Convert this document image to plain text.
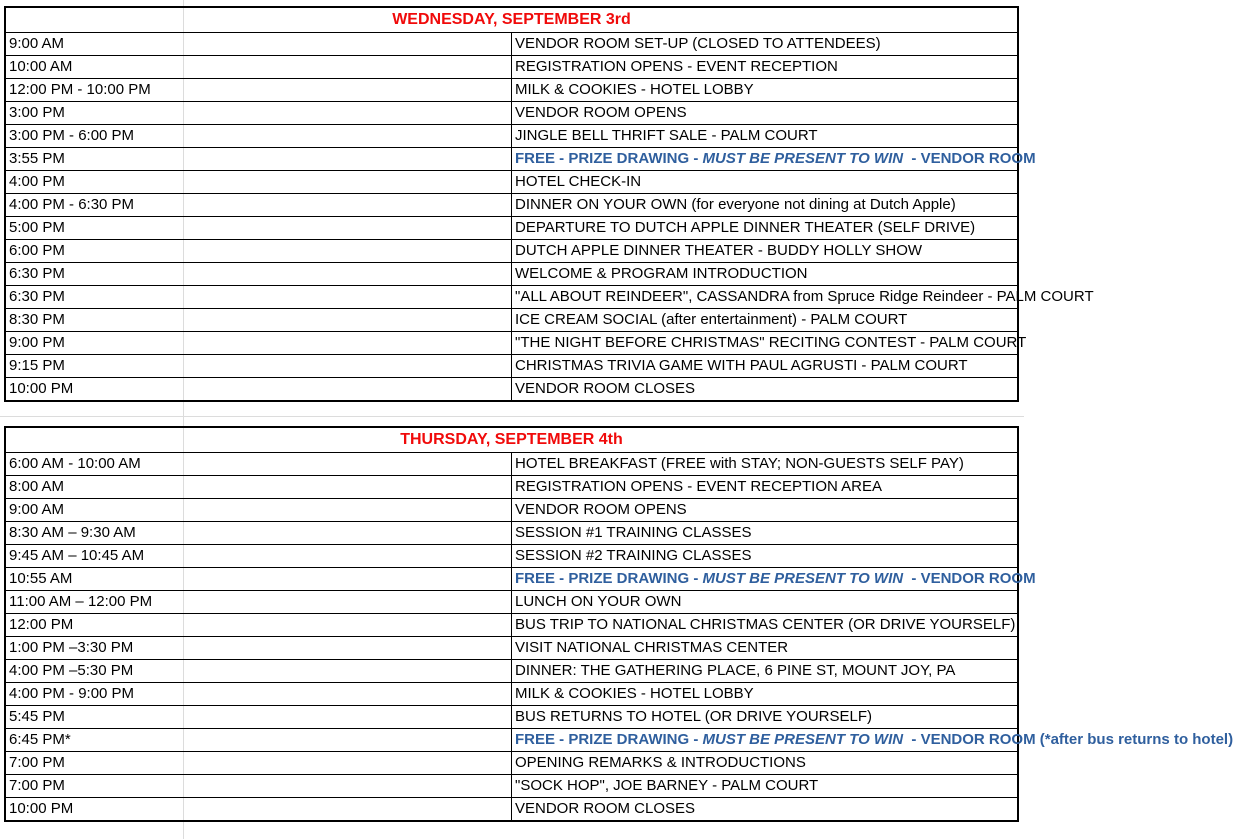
WEDNESDAY, SEPTEMBER 3rd	
9:00 AM	VENDOR ROOM SET-UP (CLOSED TO ATTENDEES)
10:00 AM	REGISTRATION OPENS - EVENT RECEPTION
12:00 PM - 10:00 PM	MILK & COOKIES - HOTEL LOBBY
3:00 PM	VENDOR ROOM OPENS
3:00 PM - 6:00 PM	JINGLE BELL THRIFT SALE - PALM COURT
3:55 PM	FREE - PRIZE DRAWING - MUST BE PRESENT TO WIN  - VENDOR ROOM
4:00 PM	HOTEL CHECK-IN
4:00 PM - 6:30 PM	DINNER ON YOUR OWN (for everyone not dining at Dutch Apple)
5:00 PM	DEPARTURE TO DUTCH APPLE DINNER THEATER (SELF DRIVE)
6:00 PM	DUTCH APPLE DINNER THEATER - BUDDY HOLLY SHOW
6:30 PM	WELCOME & PROGRAM INTRODUCTION
6:30 PM	"ALL ABOUT REINDEER", CASSANDRA from Spruce Ridge Reindeer - PALM COURT
8:30 PM	ICE CREAM SOCIAL (after entertainment) - PALM COURT
9:00 PM	"THE NIGHT BEFORE CHRISTMAS" RECITING CONTEST - PALM COURT
9:15 PM	CHRISTMAS TRIVIA GAME WITH PAUL AGRUSTI - PALM COURT
10:00 PM	VENDOR ROOM CLOSES
THURSDAY, SEPTEMBER 4th	
6:00 AM - 10:00 AM	HOTEL BREAKFAST (FREE with STAY; NON-GUESTS SELF PAY)
8:00 AM	REGISTRATION OPENS - EVENT RECEPTION AREA
9:00 AM	VENDOR ROOM OPENS
8:30 AM – 9:30 AM	SESSION #1 TRAINING CLASSES
9:45 AM – 10:45 AM	SESSION #2 TRAINING CLASSES
10:55 AM	FREE - PRIZE DRAWING - MUST BE PRESENT TO WIN  - VENDOR ROOM
11:00 AM – 12:00 PM	LUNCH ON YOUR OWN
12:00 PM	BUS TRIP TO NATIONAL CHRISTMAS CENTER (OR DRIVE YOURSELF)
1:00 PM –3:30 PM	VISIT NATIONAL CHRISTMAS CENTER
4:00 PM –5:30 PM	DINNER: THE GATHERING PLACE, 6 PINE ST, MOUNT JOY, PA
4:00 PM - 9:00 PM	MILK & COOKIES - HOTEL LOBBY
5:45 PM	BUS RETURNS TO HOTEL (OR DRIVE YOURSELF)
6:45 PM*	FREE - PRIZE DRAWING - MUST BE PRESENT TO WIN  - VENDOR ROOM (*after bus returns to hotel)
7:00 PM	OPENING REMARKS & INTRODUCTIONS
7:00 PM	"SOCK HOP", JOE BARNEY - PALM COURT
10:00 PM	VENDOR ROOM CLOSES
